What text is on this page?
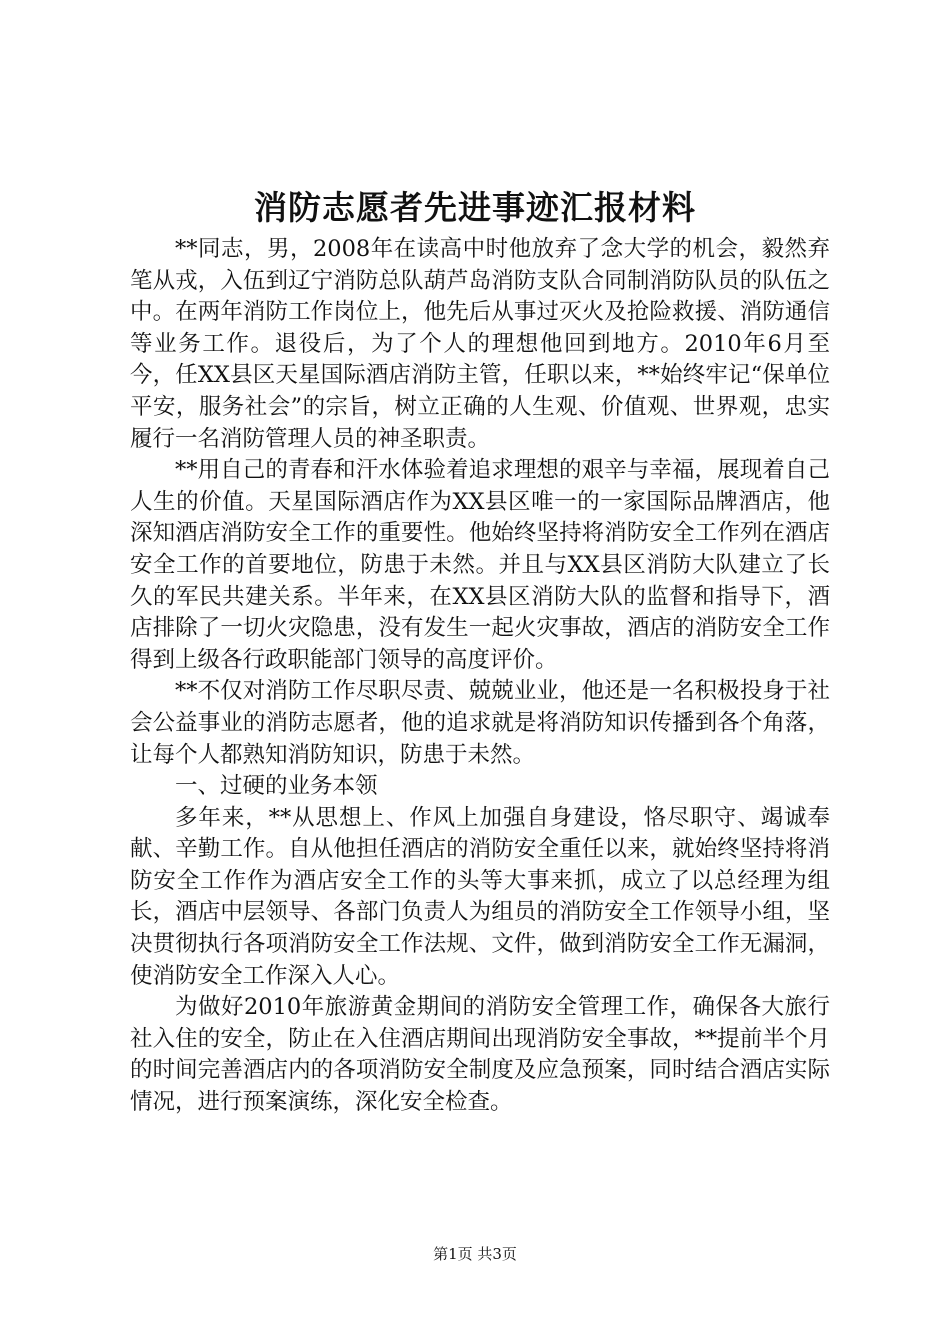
消防志愿者先进事迹汇报材料

**同志，男，2008年在读高中时他放弃了念大学的机会，毅然弃笔从戎，入伍到辽宁消防总队葫芦岛消防支队合同制消防队员的队伍之中。在两年消防工作岗位上，他先后从事过灭火及抢险救援、消防通信等业务工作。退役后，为了个人的理想他回到地方。2010年6月至今，任XX县区天星国际酒店消防主管，任职以来，**始终牢记“保单位平安，服务社会”的宗旨，树立正确的人生观、价值观、世界观，忠实履行一名消防管理人员的神圣职责。

**用自己的青春和汗水体验着追求理想的艰辛与幸福，展现着自己人生的价值。天星国际酒店作为XX县区唯一的一家国际品牌酒店，他深知酒店消防安全工作的重要性。他始终坚持将消防安全工作列在酒店安全工作的首要地位，防患于未然。并且与XX县区消防大队建立了长久的军民共建关系。半年来，在XX县区消防大队的监督和指导下，酒店排除了一切火灾隐患，没有发生一起火灾事故，酒店的消防安全工作得到上级各行政职能部门领导的高度评价。

**不仅对消防工作尽职尽责、兢兢业业，他还是一名积极投身于社会公益事业的消防志愿者，他的追求就是将消防知识传播到各个角落，让每个人都熟知消防知识，防患于未然。

一、过硬的业务本领

多年来，**从思想上、作风上加强自身建设，恪尽职守、竭诚奉献、辛勤工作。自从他担任酒店的消防安全重任以来，就始终坚持将消防安全工作作为酒店安全工作的头等大事来抓，成立了以总经理为组长，酒店中层领导、各部门负责人为组员的消防安全工作领导小组，坚决贯彻执行各项消防安全工作法规、文件，做到消防安全工作无漏洞，使消防安全工作深入人心。

为做好2010年旅游黄金期间的消防安全管理工作，确保各大旅行社入住的安全，防止在入住酒店期间出现消防安全事故，**提前半个月的时间完善酒店内的各项消防安全制度及应急预案，同时结合酒店实际情况，进行预案演练，深化安全检查。

第1页 共3页
